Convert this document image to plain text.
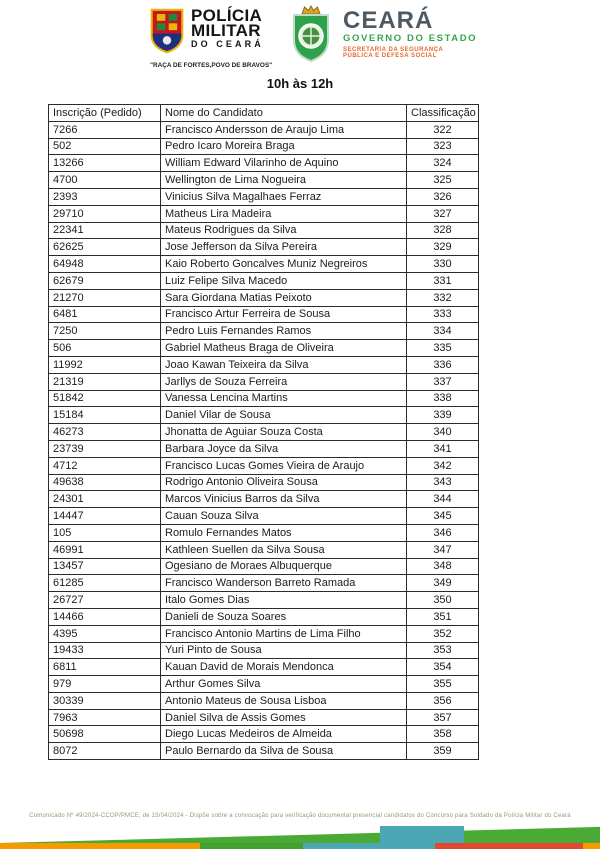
POLÍCIA
MILITAR
DO CEARÁ
"RAÇA DE FORTES,POVO DE BRAVOS"
CEARÁ
GOVERNO DO ESTADO
SECRETARIA DA SEGURANÇA
PÚBLICA E DEFESA SOCIAL
10h às 12h
Inscrição (Pedido)	Nome do Candidato	Classificação
7266	Francisco Andersson de Araujo Lima	322
502	Pedro Icaro Moreira Braga	323
13266	William Edward Vilarinho de Aquino	324
4700	Wellington de Lima Nogueira	325
2393	Vinicius Silva Magalhaes Ferraz	326
29710	Matheus Lira Madeira	327
22341	Mateus Rodrigues da Silva	328
62625	Jose Jefferson da Silva Pereira	329
64948	Kaio Roberto Goncalves Muniz Negreiros	330
62679	Luiz Felipe Silva Macedo	331
21270	Sara Giordana Matias Peixoto	332
6481	Francisco Artur Ferreira de Sousa	333
7250	Pedro Luis Fernandes Ramos	334
506	Gabriel Matheus Braga de Oliveira	335
11992	Joao Kawan Teixeira da Silva	336
21319	Jarllys de Souza Ferreira	337
51842	Vanessa Lencina Martins	338
15184	Daniel Vilar de Sousa	339
46273	Jhonatta de Aguiar Souza Costa	340
23739	Barbara Joyce da Silva	341
4712	Francisco Lucas Gomes Vieira de Araujo	342
49638	Rodrigo Antonio Oliveira Sousa	343
24301	Marcos Vinicius Barros da Silva	344
14447	Cauan Souza Silva	345
105	Romulo Fernandes Matos	346
46991	Kathleen Suellen da Silva Sousa	347
13457	Ogesiano de Moraes Albuquerque	348
61285	Francisco Wanderson Barreto Ramada	349
26727	Italo Gomes Dias	350
14466	Danieli de Souza Soares	351
4395	Francisco Antonio Martins de Lima Filho	352
19433	Yuri Pinto de Sousa	353
6811	Kauan David de Morais Mendonca	354
979	Arthur Gomes Silva	355
30339	Antonio Mateus de Sousa Lisboa	356
7963	Daniel Silva de Assis Gomes	357
50698	Diego Lucas Medeiros de Almeida	358
8072	Paulo Bernardo da Silva de Sousa	359
Comunicado Nº 49/2024-CCOP/PMCE, de 15/04/2024 - Dispõe sobre a convocação para verificação documental presencial candidatos do Concurso para Soldado da Polícia Militar do Ceará
